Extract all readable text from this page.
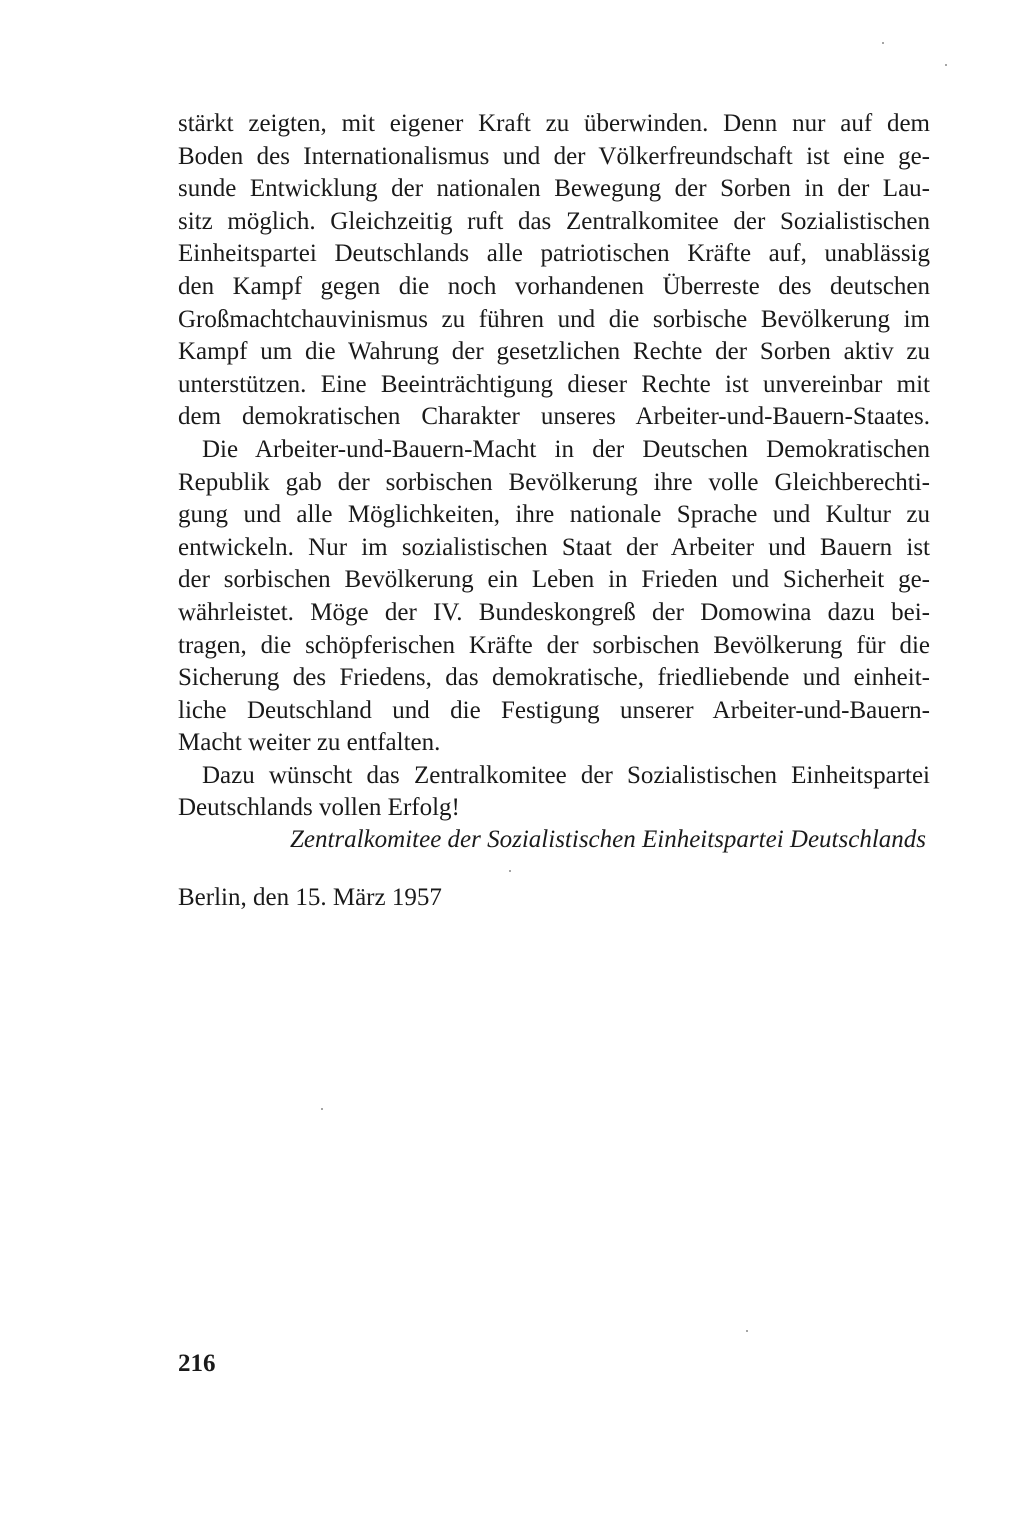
stärkt zeigten, mit eigener Kraft zu überwinden. Denn nur auf dem
Boden des Internationalismus und der Völkerfreundschaft ist eine ge-
sunde Entwicklung der nationalen Bewegung der Sorben in der Lau-
sitz möglich. Gleichzeitig ruft das Zentralkomitee der Sozialistischen
Einheitspartei Deutschlands alle patriotischen Kräfte auf, unablässig
den Kampf gegen die noch vorhandenen Überreste des deutschen
Großmachtchauvinismus zu führen und die sorbische Bevölkerung im
Kampf um die Wahrung der gesetzlichen Rechte der Sorben aktiv zu
unterstützen. Eine Beeinträchtigung dieser Rechte ist unvereinbar mit
dem demokratischen Charakter unseres Arbeiter-und-Bauern-Staates.
Die Arbeiter-und-Bauern-Macht in der Deutschen Demokratischen
Republik gab der sorbischen Bevölkerung ihre volle Gleichberechti-
gung und alle Möglichkeiten, ihre nationale Sprache und Kultur zu
entwickeln. Nur im sozialistischen Staat der Arbeiter und Bauern ist
der sorbischen Bevölkerung ein Leben in Frieden und Sicherheit ge-
währleistet. Möge der IV. Bundeskongreß der Domowina dazu bei-
tragen, die schöpferischen Kräfte der sorbischen Bevölkerung für die
Sicherung des Friedens, das demokratische, friedliebende und einheit-
liche Deutschland und die Festigung unserer Arbeiter-und-Bauern-
Macht weiter zu entfalten.
Dazu wünscht das Zentralkomitee der Sozialistischen Einheitspartei
Deutschlands vollen Erfolg!
Zentralkomitee der Sozialistischen Einheitspartei Deutschlands
Berlin, den 15. März 1957
216
